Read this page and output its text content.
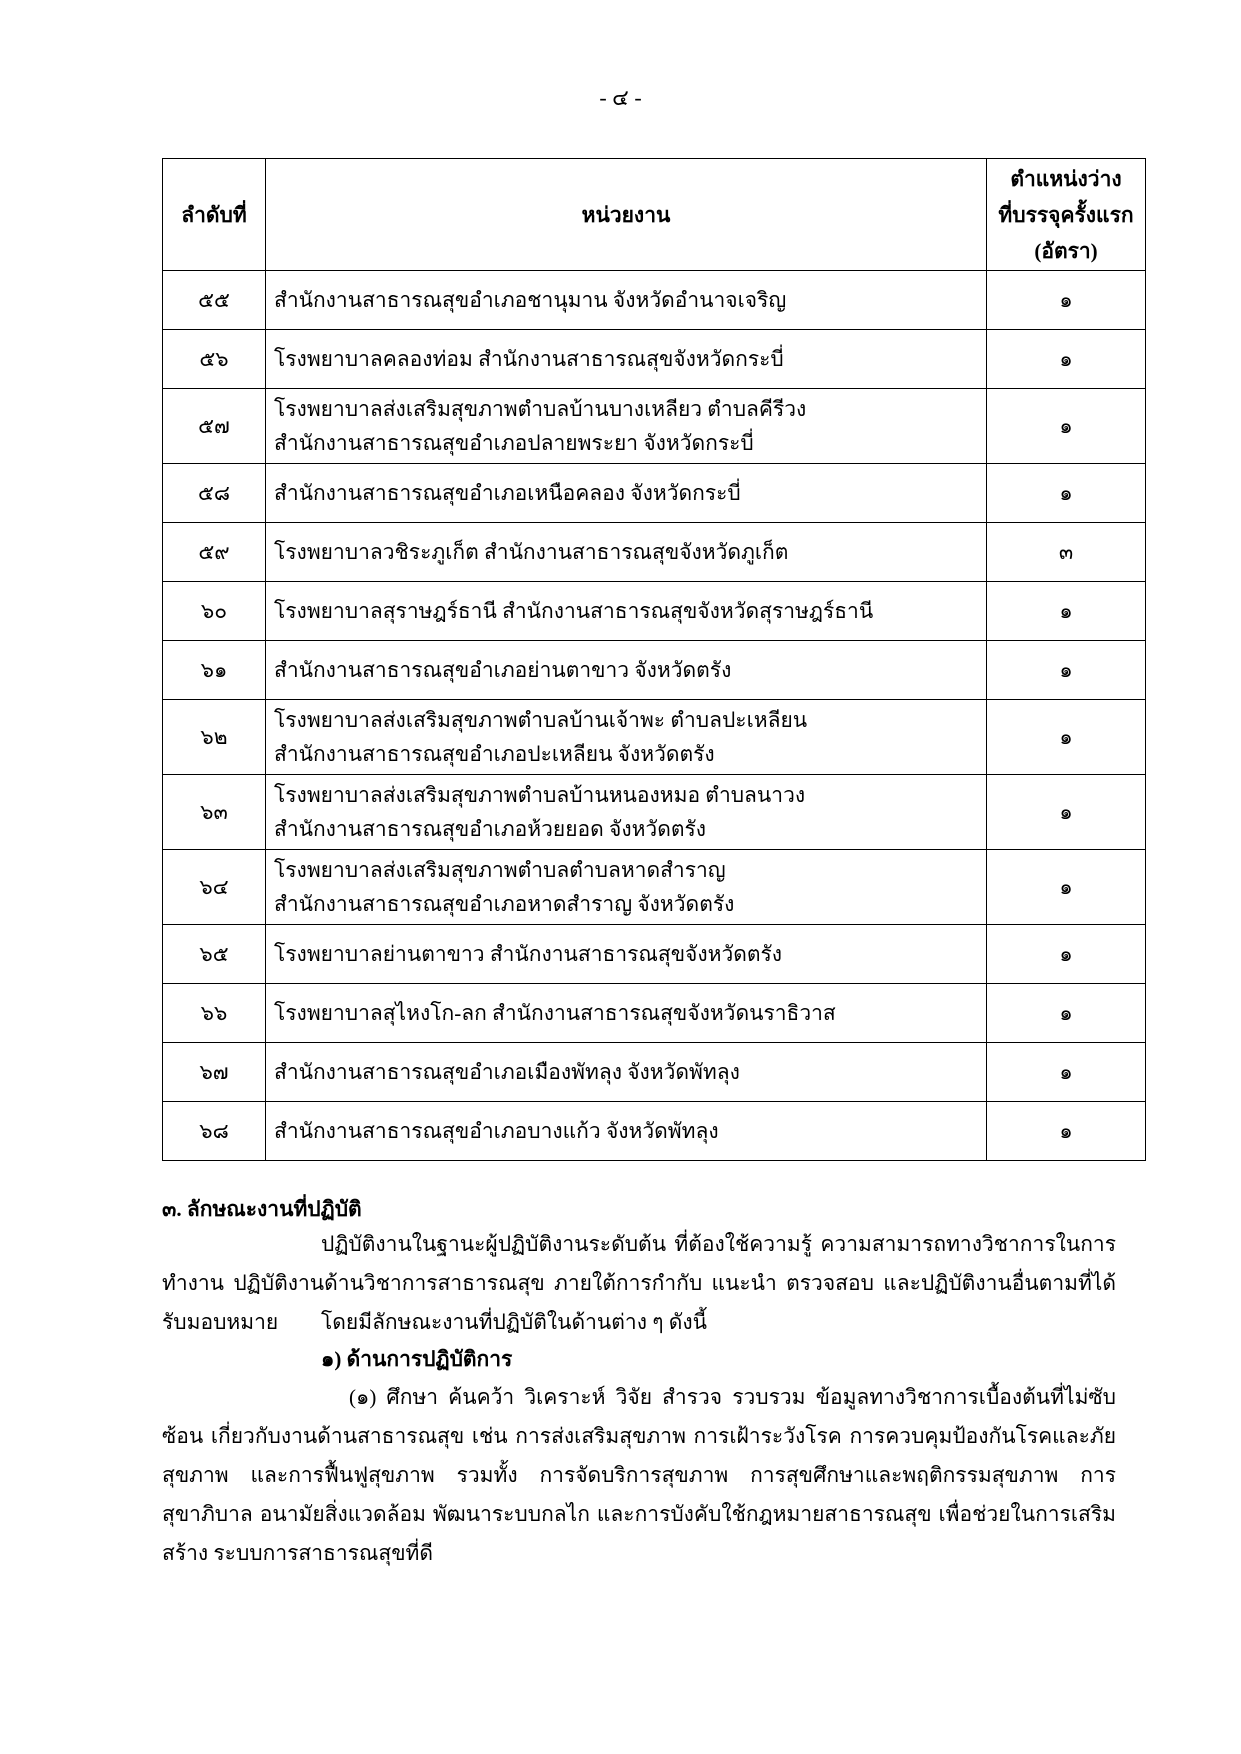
- ๔ -
ลำดับที่	หน่วยงาน	ตำแหน่งว่าง
ที่บรรจุครั้งแรก
(อัตรา)

๕๕	สำนักงานสาธารณสุขอำเภอชานุมาน จังหวัดอำนาจเจริญ	๑
๕๖	โรงพยาบาลคลองท่อม สำนักงานสาธารณสุขจังหวัดกระบี่	๑
๕๗	โรงพยาบาลส่งเสริมสุขภาพตำบลบ้านบางเหลียว ตำบลคีรีวง
สำนักงานสาธารณสุขอำเภอปลายพระยา จังหวัดกระบี่	๑
๕๘	สำนักงานสาธารณสุขอำเภอเหนือคลอง จังหวัดกระบี่	๑
๕๙	โรงพยาบาลวชิระภูเก็ต สำนักงานสาธารณสุขจังหวัดภูเก็ต	๓
๖๐	โรงพยาบาลสุราษฎร์ธานี สำนักงานสาธารณสุขจังหวัดสุราษฎร์ธานี	๑
๖๑	สำนักงานสาธารณสุขอำเภอย่านตาขาว จังหวัดตรัง	๑
๖๒	โรงพยาบาลส่งเสริมสุขภาพตำบลบ้านเจ้าพะ ตำบลปะเหลียน
สำนักงานสาธารณสุขอำเภอปะเหลียน จังหวัดตรัง	๑
๖๓	โรงพยาบาลส่งเสริมสุขภาพตำบลบ้านหนองหมอ ตำบลนาวง
สำนักงานสาธารณสุขอำเภอห้วยยอด จังหวัดตรัง	๑
๖๔	โรงพยาบาลส่งเสริมสุขภาพตำบลตำบลหาดสำราญ
สำนักงานสาธารณสุขอำเภอหาดสำราญ จังหวัดตรัง	๑
๖๕	โรงพยาบาลย่านตาขาว สำนักงานสาธารณสุขจังหวัดตรัง	๑
๖๖	โรงพยาบาลสุไหงโก-ลก สำนักงานสาธารณสุขจังหวัดนราธิวาส	๑
๖๗	สำนักงานสาธารณสุขอำเภอเมืองพัทลุง จังหวัดพัทลุง	๑
๖๘	สำนักงานสาธารณสุขอำเภอบางแก้ว จังหวัดพัทลุง	๑
๓. ลักษณะงานที่ปฏิบัติ
ปฏิบัติงานในฐานะผู้ปฏิบัติงานระดับต้น ที่ต้องใช้ความรู้ ความสามารถทางวิชาการในการทำงาน ปฏิบัติงานด้านวิชาการสาธารณสุข ภายใต้การกำกับ แนะนำ ตรวจสอบ และปฏิบัติงานอื่นตามที่ได้รับมอบหมาย	โดยมีลักษณะงานที่ปฏิบัติในด้านต่าง ๆ ดังนี้
๑) ด้านการปฏิบัติการ
(๑) ศึกษา ค้นคว้า วิเคราะห์ วิจัย สำรวจ รวบรวม ข้อมูลทางวิชาการเบื้องต้นที่ไม่ซับซ้อน เกี่ยวกับงานด้านสาธารณสุข เช่น การส่งเสริมสุขภาพ การเฝ้าระวังโรค การควบคุมป้องกันโรคและภัยสุขภาพ และการฟื้นฟูสุขภาพ รวมทั้ง การจัดบริการสุขภาพ การสุขศึกษาและพฤติกรรมสุขภาพ การสุขาภิบาล อนามัยสิ่งแวดล้อม พัฒนาระบบกลไก และการบังคับใช้กฎหมายสาธารณสุข เพื่อช่วยในการเสริมสร้าง ระบบการสาธารณสุขที่ดี
